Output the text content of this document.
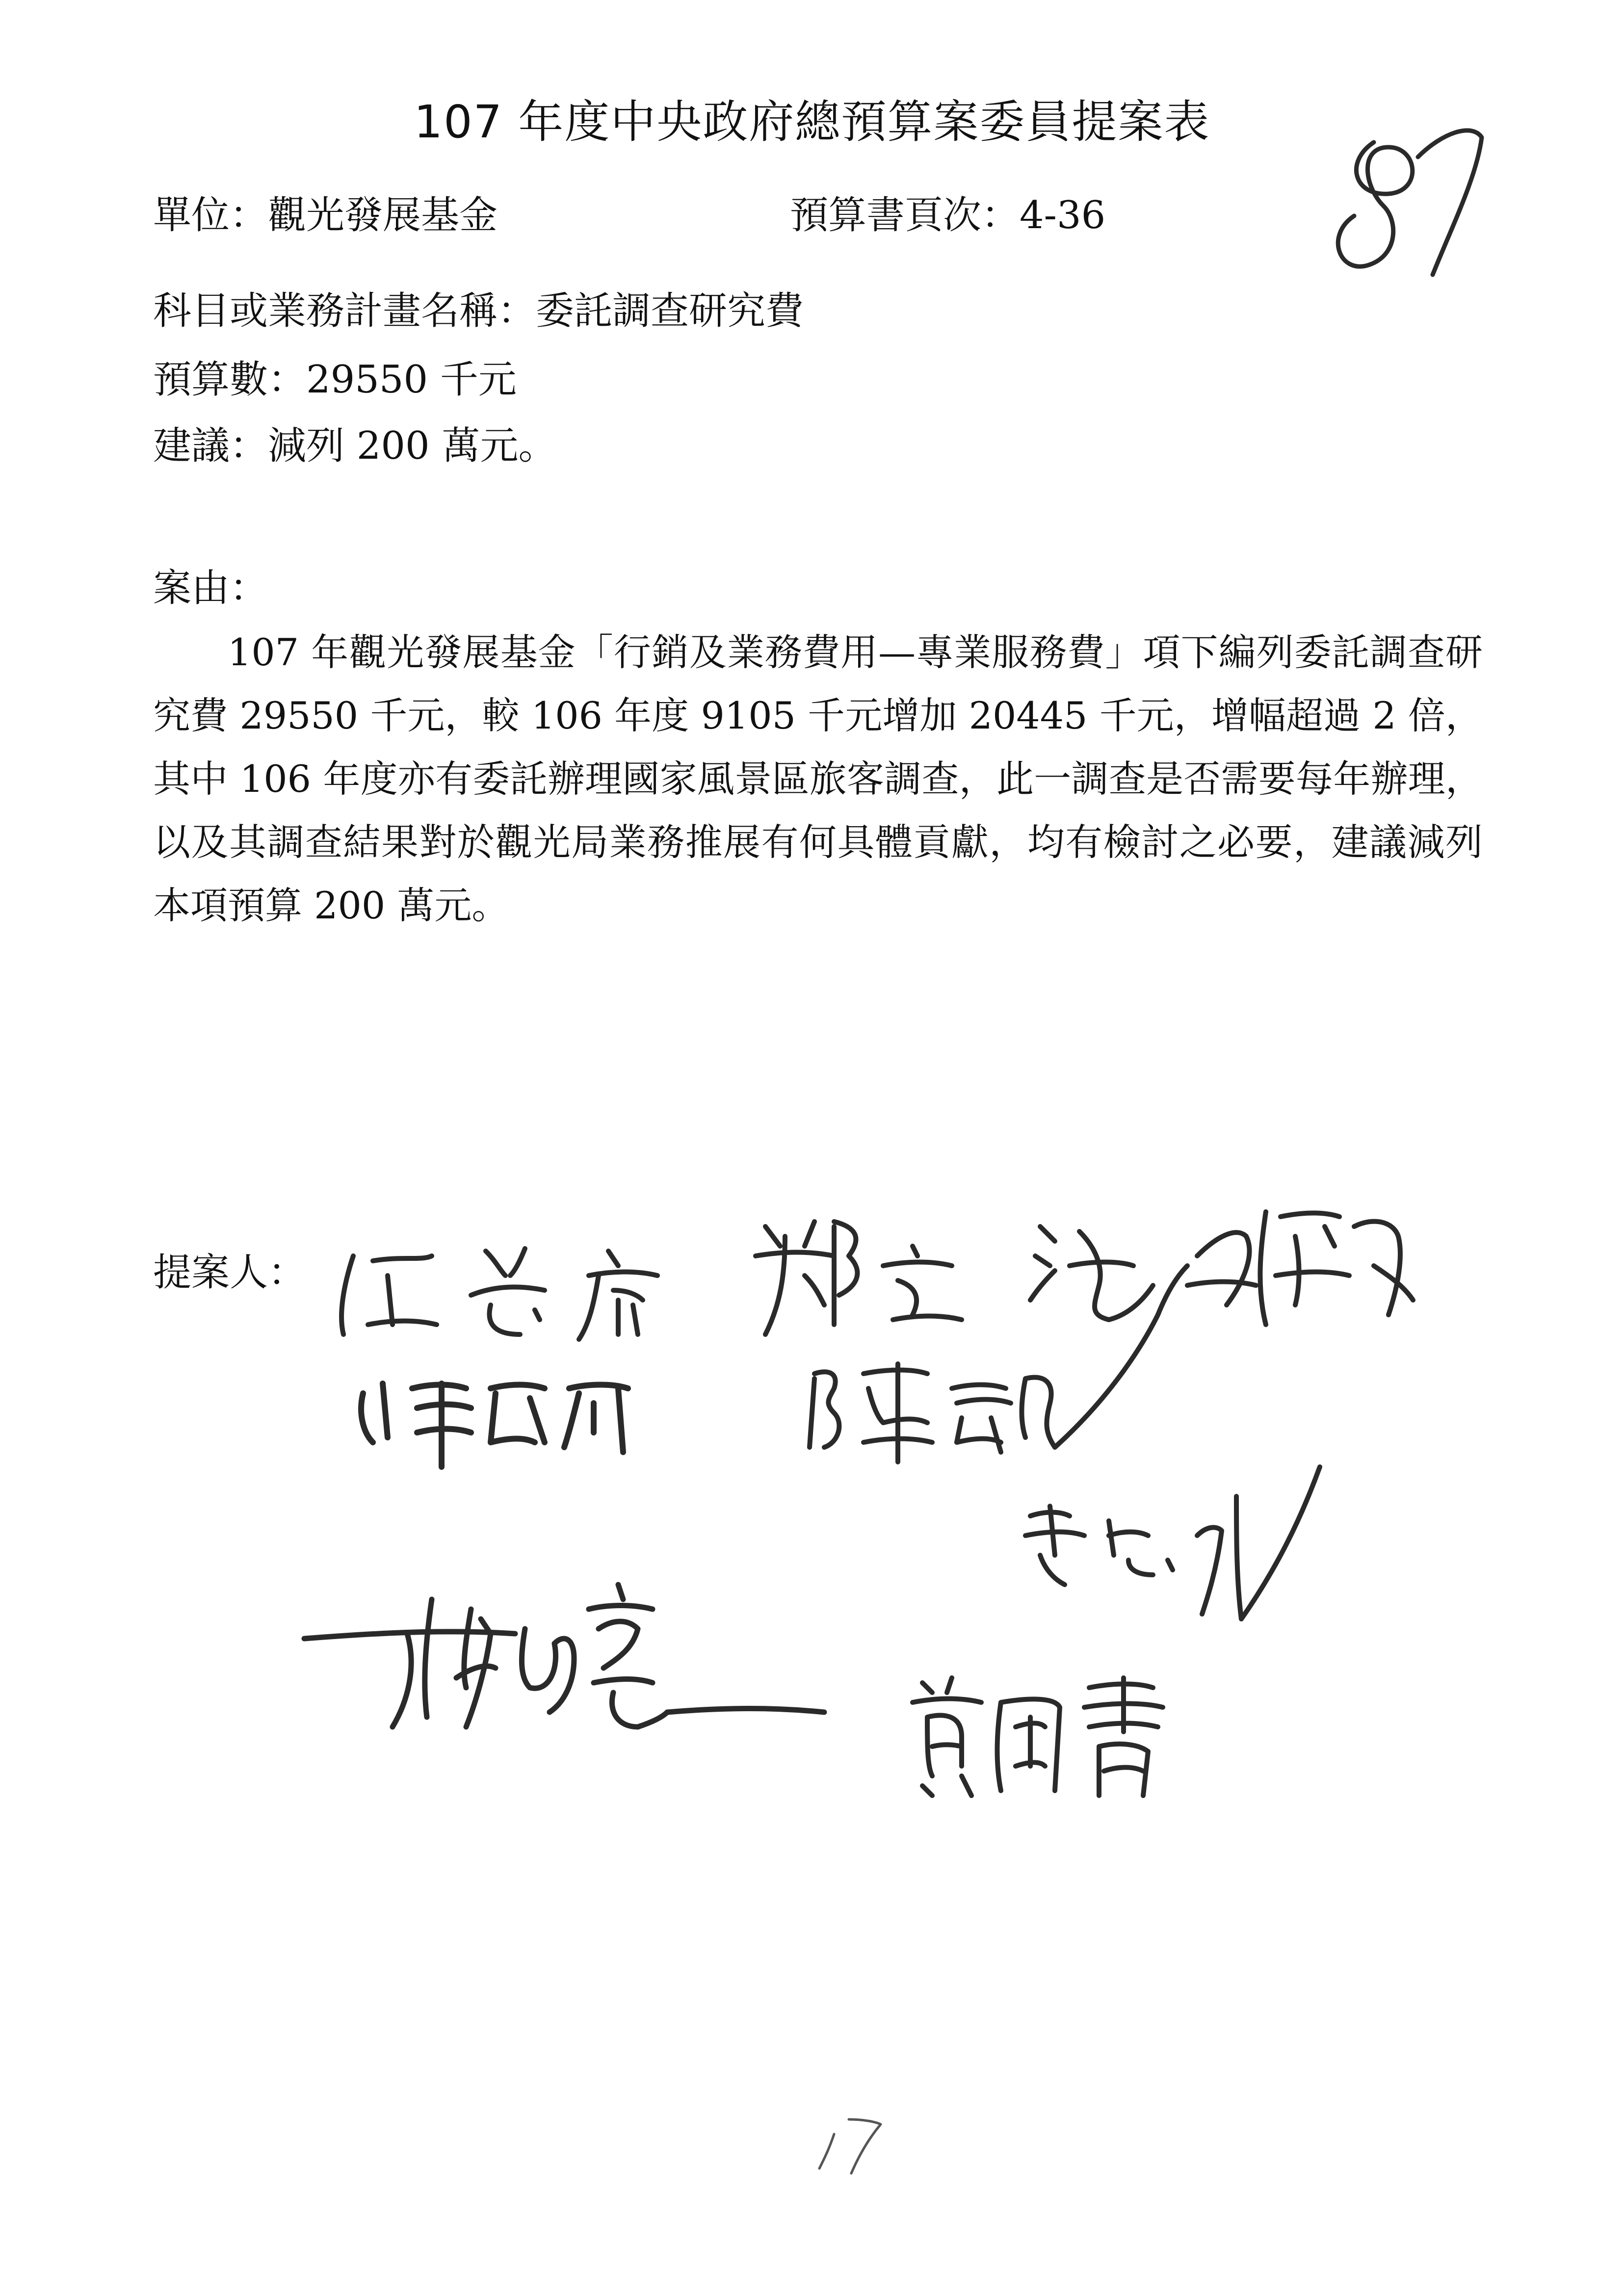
107 年度中央政府總預算案委員提案表
單位：觀光發展基金	預算書頁次：4-36
科目或業務計畫名稱：委託調查研究費
預算數：29550 千元
建議：減列 200 萬元。
案由：

107 年觀光發展基金「行銷及業務費用—專業服務費」項下編列委託調查研究費 29550 千元，較 106 年度 9105 千元增加 20445 千元，增幅超過 2 倍，其中 106 年度亦有委託辦理國家風景區旅客調查，此一調查是否需要每年辦理，以及其調查結果對於觀光局業務推展有何具體貢獻，均有檢討之必要，建議減列本項預算 200 萬元。

提案人：
